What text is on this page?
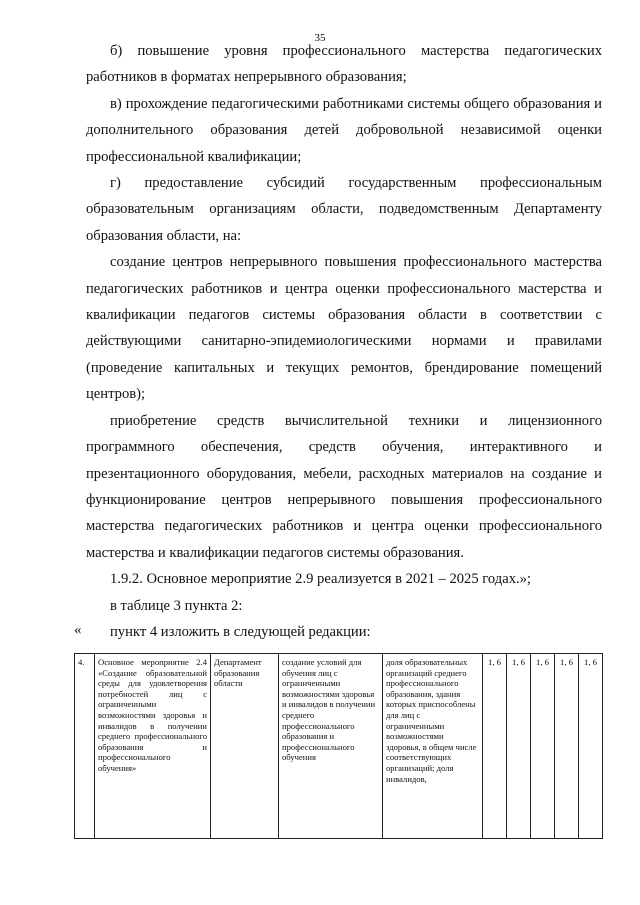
35

б) повышение уровня профессионального мастерства педагогических работников в форматах непрерывного образования;

в) прохождение педагогическими работниками системы общего образования и дополнительного образования детей добровольной независимой оценки профессиональной квалификации;

г) предоставление субсидий государственным профессиональным образовательным организациям области, подведомственным Департаменту образования области, на:

создание центров непрерывного повышения профессионального мастерства педагогических работников и центра оценки профессионального мастерства и квалификации педагогов системы образования области в соответствии с действующими санитарно-эпидемиологическими нормами и правилами (проведение капитальных и текущих ремонтов, брендирование помещений центров);

приобретение средств вычислительной техники и лицензионного программного обеспечения, средств обучения, интерактивного и презентационного оборудования, мебели, расходных материалов на создание и функционирование центров непрерывного повышения профессионального мастерства педагогических работников и центра оценки профессионального мастерства и квалификации педагогов системы образования.

1.9.2. Основное мероприятие 2.9 реализуется в 2021 – 2025 годах.»;

в таблице 3 пункта 2:

пункт 4 изложить в следующей редакции:

«
4.	Основное мероприятие 2.4 «Создание образовательной среды для удовлетворения потребностей лиц с ограниченными возможностями здоровья и инвалидов в получении среднего профессионального образования и профессионального обучения»	Департамент образования области	создание условий для обучения лиц с ограниченными возможностями здоровья и инвалидов в получении среднего профессионального образования и профессионального обучения	доля образовательных организаций среднего профессионального образования, здания которых приспособлены для лиц с ограниченными возможностями здоровья, в общем числе соответствующих организаций; доля инвалидов,	1, 6	1, 6	1, 6	1, 6	1, 6
